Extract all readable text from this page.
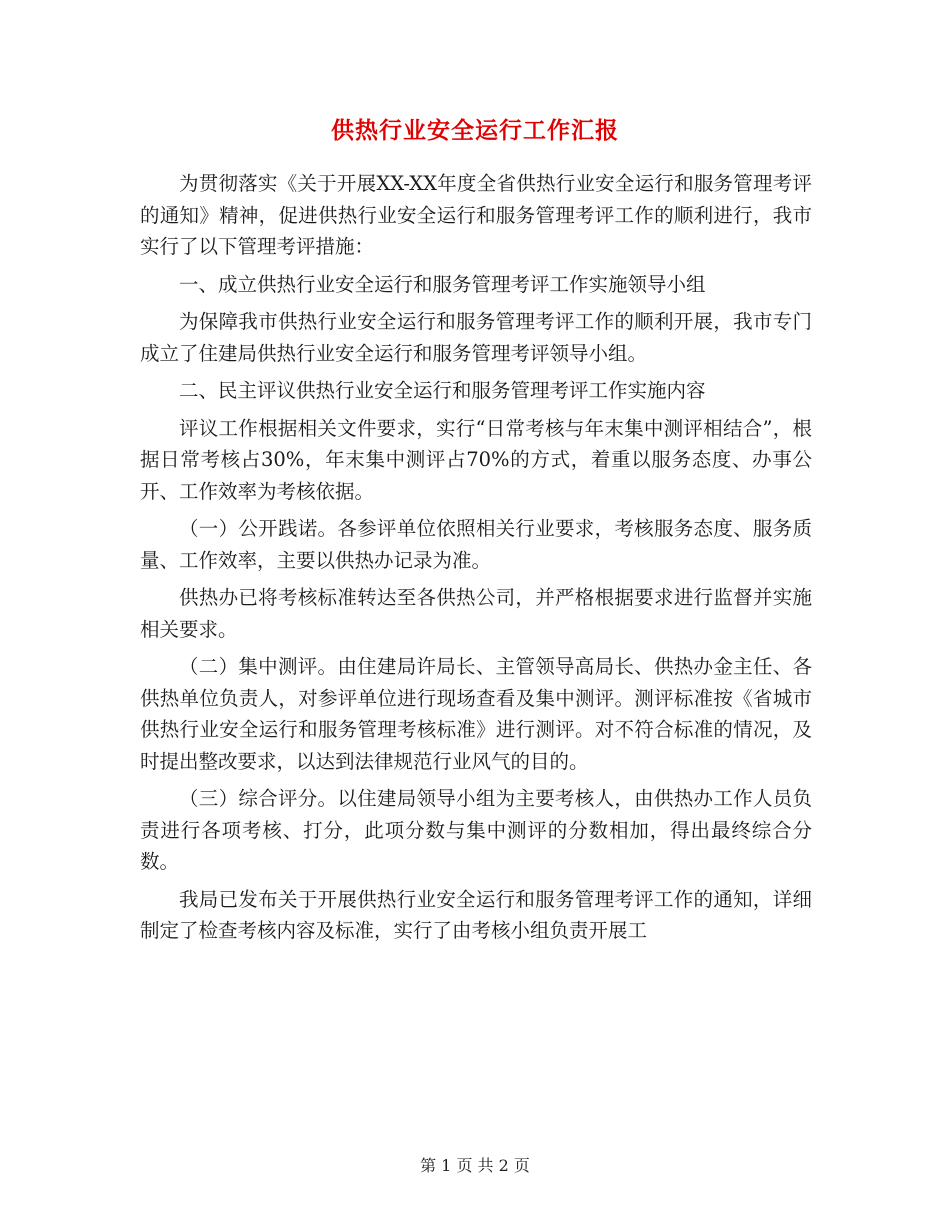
供热行业安全运行工作汇报

为贯彻落实《关于开展XX-XX年度全省供热行业安全运行和服务管理考评的通知》精神，促进供热行业安全运行和服务管理考评工作的顺利进行，我市实行了以下管理考评措施：

一、成立供热行业安全运行和服务管理考评工作实施领导小组

为保障我市供热行业安全运行和服务管理考评工作的顺利开展，我市专门成立了住建局供热行业安全运行和服务管理考评领导小组。

二、民主评议供热行业安全运行和服务管理考评工作实施内容

评议工作根据相关文件要求，实行“日常考核与年末集中测评相结合”，根据日常考核占30%，年末集中测评占70%的方式，着重以服务态度、办事公开、工作效率为考核依据。

（一）公开践诺。各参评单位依照相关行业要求，考核服务态度、服务质量、工作效率，主要以供热办记录为准。

供热办已将考核标准转达至各供热公司，并严格根据要求进行监督并实施相关要求。

（二）集中测评。由住建局许局长、主管领导高局长、供热办金主任、各供热单位负责人，对参评单位进行现场查看及集中测评。测评标准按《省城市供热行业安全运行和服务管理考核标准》进行测评。对不符合标准的情况，及时提出整改要求，以达到法律规范行业风气的目的。

（三）综合评分。以住建局领导小组为主要考核人，由供热办工作人员负责进行各项考核、打分，此项分数与集中测评的分数相加，得出最终综合分数。

我局已发布关于开展供热行业安全运行和服务管理考评工作的通知，详细制定了检查考核内容及标准，实行了由考核小组负责开展工

第 1 页 共 2 页
